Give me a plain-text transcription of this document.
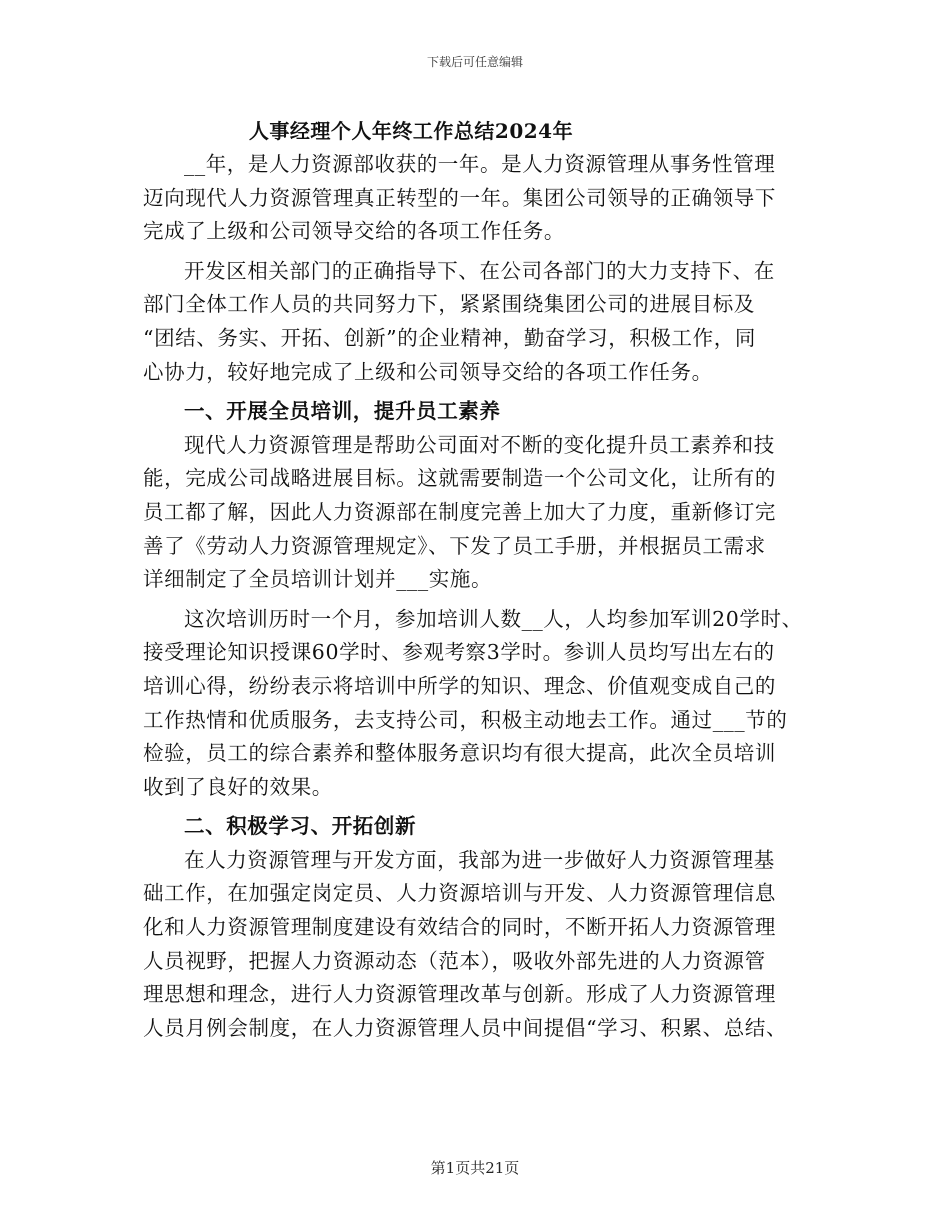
下载后可任意编辑
人事经理个人年终工作总结2024年
__年，是人力资源部收获的一年。是人力资源管理从事务性管理
迈向现代人力资源管理真正转型的一年。集团公司领导的正确领导下
完成了上级和公司领导交给的各项工作任务。
开发区相关部门的正确指导下、在公司各部门的大力支持下、在
部门全体工作人员的共同努力下，紧紧围绕集团公司的进展目标及
“团结、务实、开拓、创新”的企业精神，勤奋学习，积极工作，同
心协力，较好地完成了上级和公司领导交给的各项工作任务。
一、开展全员培训，提升员工素养
现代人力资源管理是帮助公司面对不断的变化提升员工素养和技
能，完成公司战略进展目标。这就需要制造一个公司文化，让所有的
员工都了解，因此人力资源部在制度完善上加大了力度，重新修订完
善了《劳动人力资源管理规定》、下发了员工手册，并根据员工需求
详细制定了全员培训计划并___实施。
这次培训历时一个月，参加培训人数__人，人均参加军训20学时、
接受理论知识授课60学时、参观考察3学时。参训人员均写出左右的
培训心得，纷纷表示将培训中所学的知识、理念、价值观变成自己的
工作热情和优质服务，去支持公司，积极主动地去工作。通过___节的
检验，员工的综合素养和整体服务意识均有很大提高，此次全员培训
收到了良好的效果。
二、积极学习、开拓创新
在人力资源管理与开发方面，我部为进一步做好人力资源管理基
础工作，在加强定岗定员、人力资源培训与开发、人力资源管理信息
化和人力资源管理制度建设有效结合的同时，不断开拓人力资源管理
人员视野，把握人力资源动态（范本），吸收外部先进的人力资源管
理思想和理念，进行人力资源管理改革与创新。形成了人力资源管理
人员月例会制度，在人力资源管理人员中间提倡“学习、积累、总结、
第1页共21页
